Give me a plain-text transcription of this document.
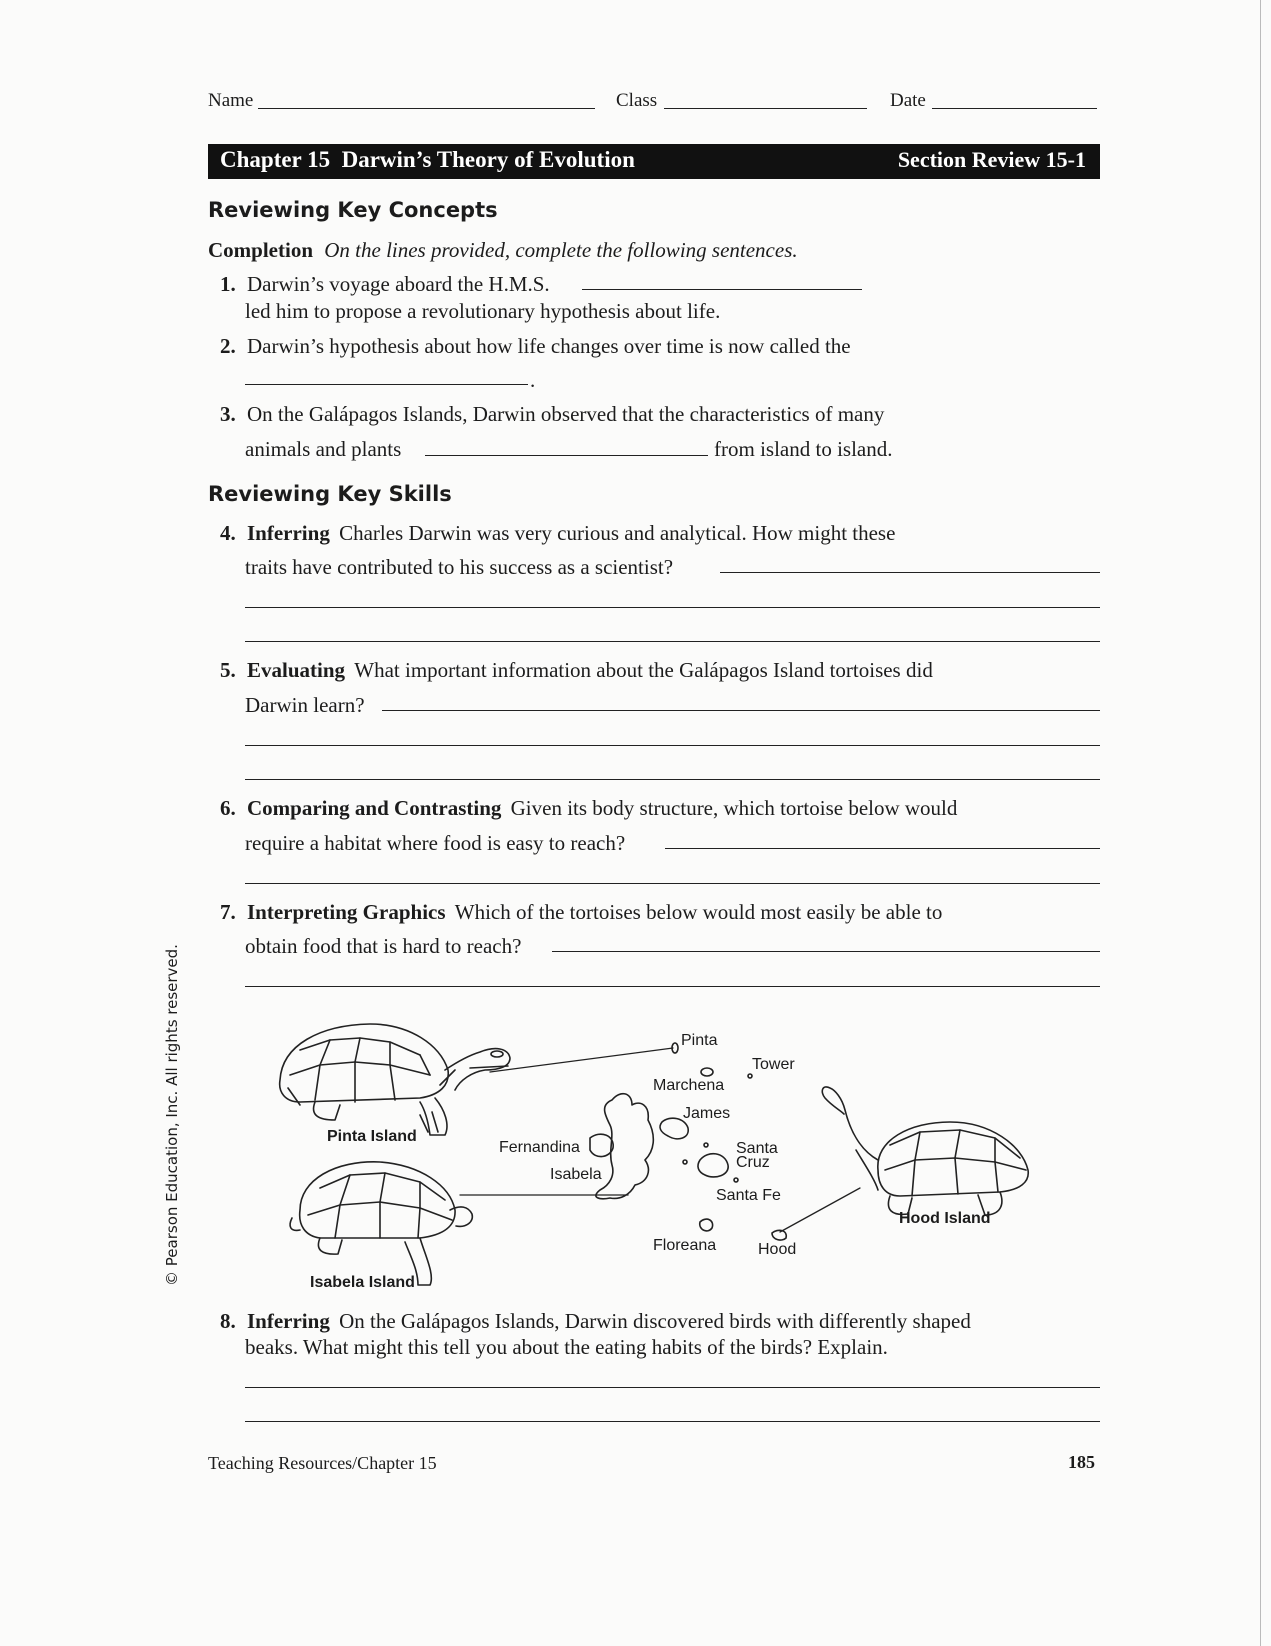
Name	Class	Date
Chapter 15  Darwin’s Theory of Evolution	Section Review 15-1
Reviewing Key Concepts
Completion On the lines provided, complete the following sentences.
1. Darwin’s voyage aboard the H.M.S.
led him to propose a revolutionary hypothesis about life.
2. Darwin’s hypothesis about how life changes over time is now called the
.
3. On the Galápagos Islands, Darwin observed that the characteristics of many
animals and plants	from island to island.
Reviewing Key Skills
4. Inferring Charles Darwin was very curious and analytical. How might these
traits have contributed to his success as a scientist?
5. Evaluating What important information about the Galápagos Island tortoises did
Darwin learn?
6. Comparing and Contrasting Given its body structure, which tortoise below would
require a habitat where food is easy to reach?
7. Interpreting Graphics Which of the tortoises below would most easily be able to
obtain food that is hard to reach?
Pinta Island
Isabela Island
Hood Island
Pinta
Tower
Marchena
James
Fernandina
Isabela
Santa
Cruz
Santa Fe
Floreana	Hood
8. Inferring On the Galápagos Islands, Darwin discovered birds with differently shaped
beaks. What might this tell you about the eating habits of the birds? Explain.
Teaching Resources/Chapter 15	185
© Pearson Education, Inc. All rights reserved.
